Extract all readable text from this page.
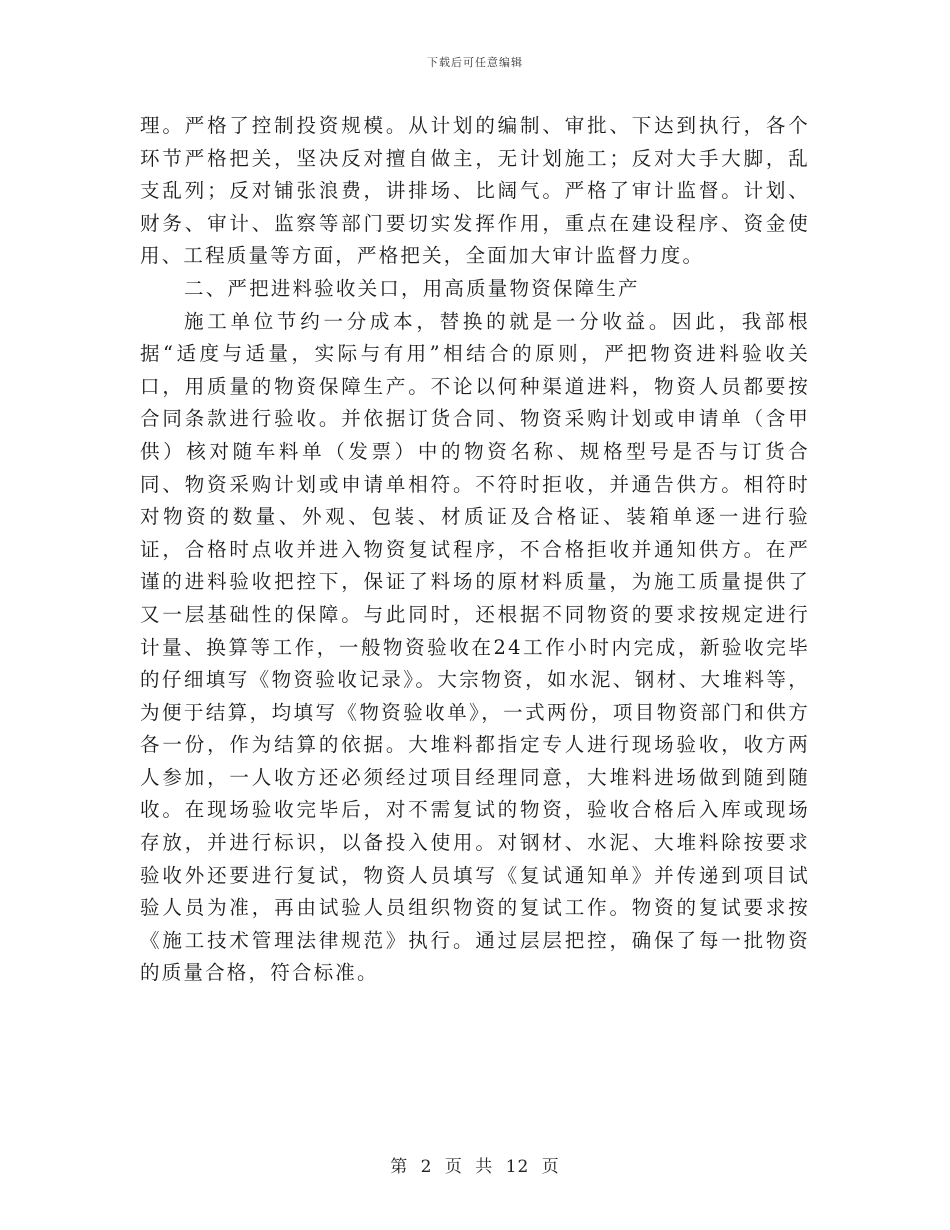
下载后可任意编辑

理。严格了控制投资规模。从计划的编制、审批、下达到执行，各个环节严格把关，坚决反对擅自做主，无计划施工；反对大手大脚，乱支乱列；反对铺张浪费，讲排场、比阔气。严格了审计监督。计划、财务、审计、监察等部门要切实发挥作用，重点在建设程序、资金使用、工程质量等方面，严格把关，全面加大审计监督力度。

二、严把进料验收关口，用高质量物资保障生产

施工单位节约一分成本，替换的就是一分收益。因此，我部根据“适度与适量，实际与有用”相结合的原则，严把物资进料验收关口，用质量的物资保障生产。不论以何种渠道进料，物资人员都要按合同条款进行验收。并依据订货合同、物资采购计划或申请单（含甲供）核对随车料单（发票）中的物资名称、规格型号是否与订货合同、物资采购计划或申请单相符。不符时拒收，并通告供方。相符时对物资的数量、外观、包装、材质证及合格证、装箱单逐一进行验证，合格时点收并进入物资复试程序，不合格拒收并通知供方。在严谨的进料验收把控下，保证了料场的原材料质量，为施工质量提供了又一层基础性的保障。与此同时，还根据不同物资的要求按规定进行计量、换算等工作，一般物资验收在24工作小时内完成，新验收完毕的仔细填写《物资验收记录》。大宗物资，如水泥、钢材、大堆料等，为便于结算，均填写《物资验收单》，一式两份，项目物资部门和供方各一份，作为结算的依据。大堆料都指定专人进行现场验收，收方两人参加，一人收方还必须经过项目经理同意，大堆料进场做到随到随收。在现场验收完毕后，对不需复试的物资，验收合格后入库或现场存放，并进行标识，以备投入使用。对钢材、水泥、大堆料除按要求验收外还要进行复试，物资人员填写《复试通知单》并传递到项目试验人员为准，再由试验人员组织物资的复试工作。物资的复试要求按《施工技术管理法律规范》执行。通过层层把控，确保了每一批物资的质量合格，符合标准。

第 2 页 共 12 页
